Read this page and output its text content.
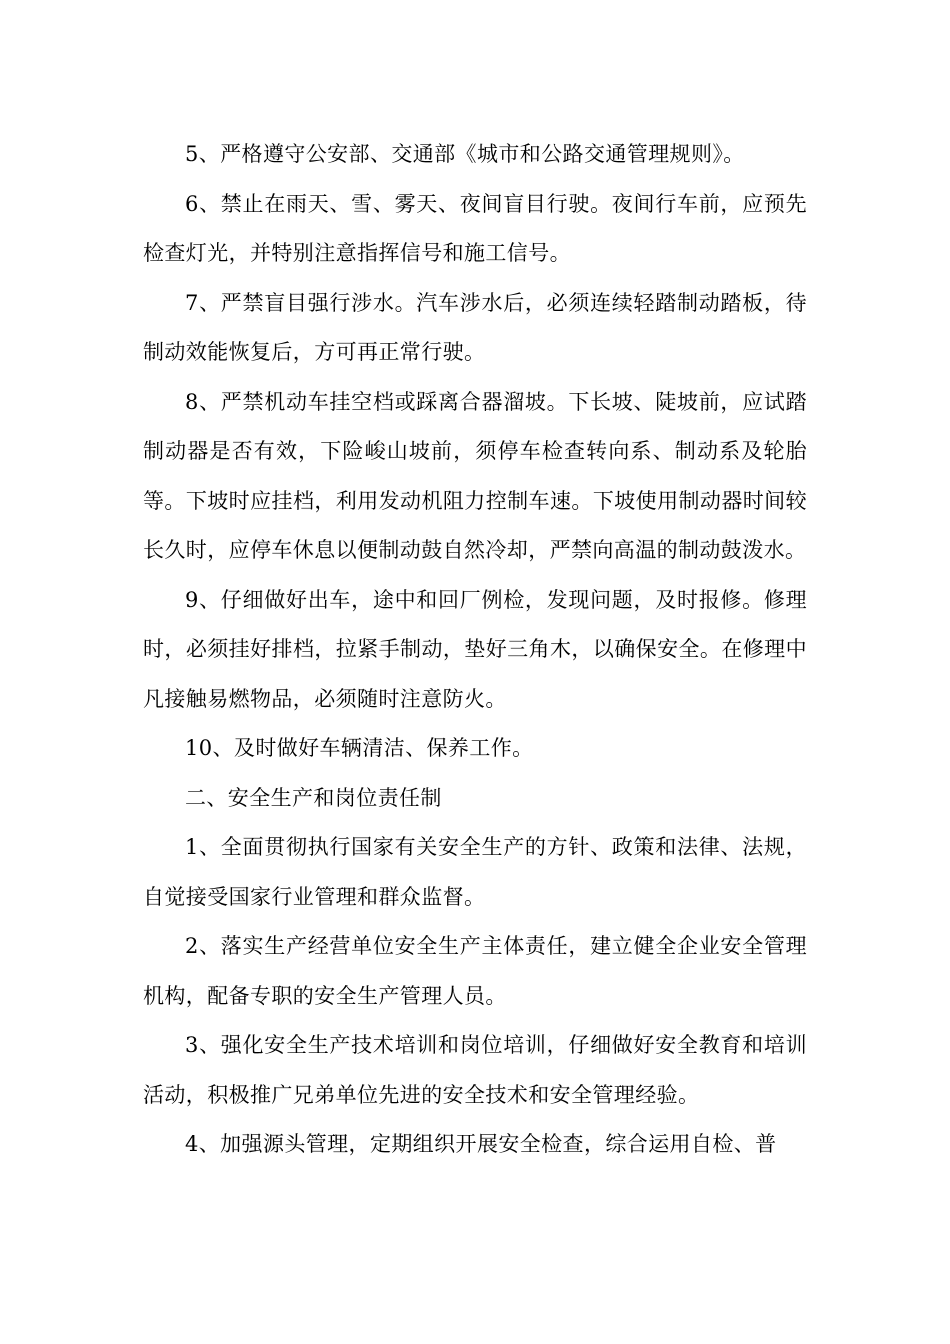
5、严格遵守公安部、交通部《城市和公路交通管理规则》。

6、禁止在雨天、雪、雾天、夜间盲目行驶。夜间行车前，应预先检查灯光，并特别注意指挥信号和施工信号。

7、严禁盲目强行涉水。汽车涉水后，必须连续轻踏制动踏板，待制动效能恢复后，方可再正常行驶。

8、严禁机动车挂空档或踩离合器溜坡。下长坡、陡坡前，应试踏制动器是否有效，下险峻山坡前，须停车检查转向系、制动系及轮胎等。下坡时应挂档，利用发动机阻力控制车速。下坡使用制动器时间较长久时，应停车休息以便制动鼓自然冷却，严禁向高温的制动鼓泼水。

9、仔细做好出车，途中和回厂例检，发现问题，及时报修。修理时，必须挂好排档，拉紧手制动，垫好三角木，以确保安全。在修理中凡接触易燃物品，必须随时注意防火。

10、及时做好车辆清洁、保养工作。

二、安全生产和岗位责任制

1、全面贯彻执行国家有关安全生产的方针、政策和法律、法规，自觉接受国家行业管理和群众监督。

2、落实生产经营单位安全生产主体责任，建立健全企业安全管理机构，配备专职的安全生产管理人员。

3、强化安全生产技术培训和岗位培训，仔细做好安全教育和培训活动，积极推广兄弟单位先进的安全技术和安全管理经验。

4、加强源头管理，定期组织开展安全检查，综合运用自检、普
